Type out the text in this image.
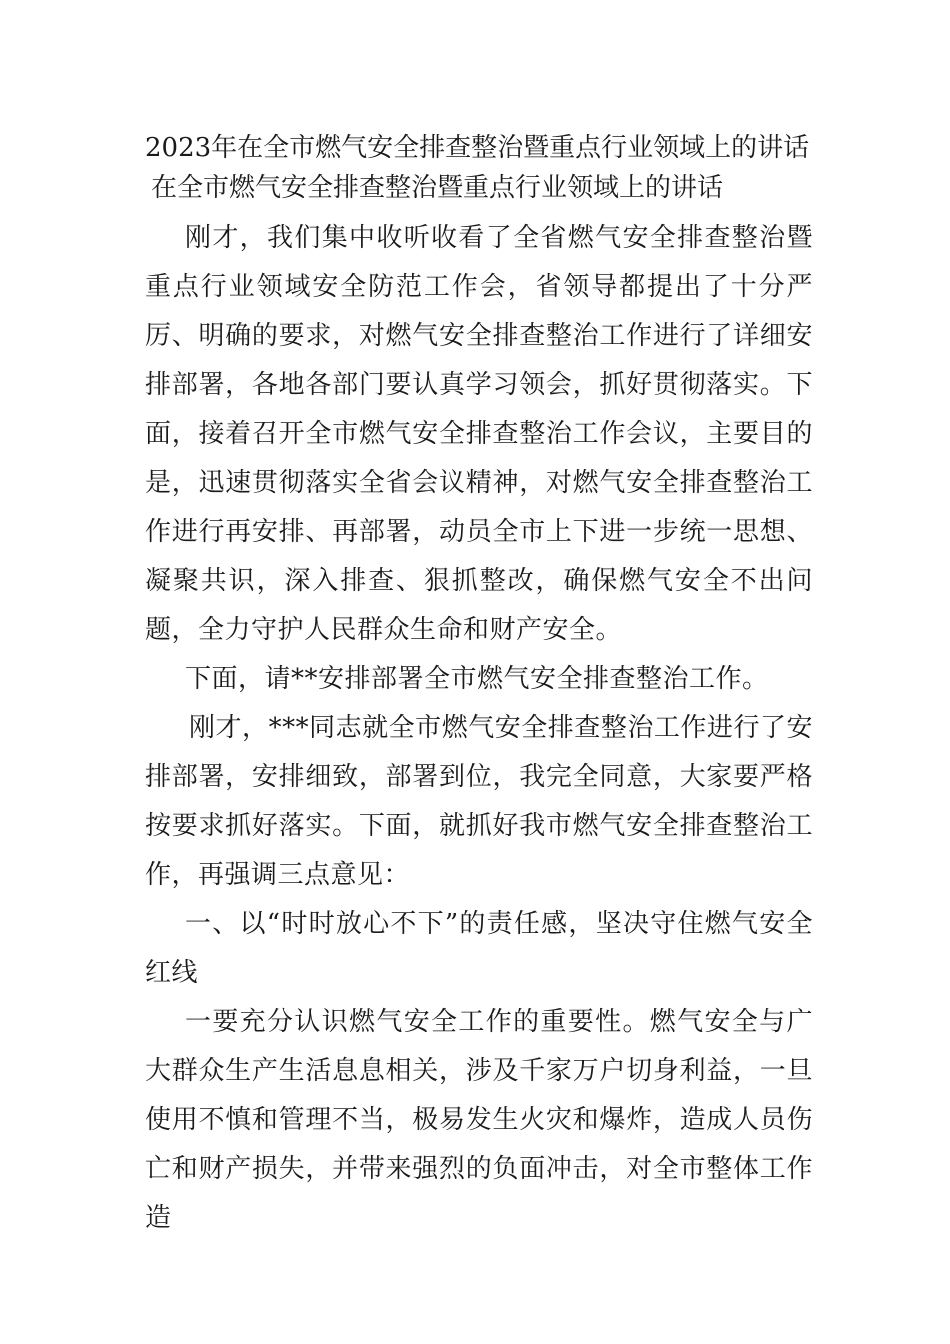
2023年在全市燃气安全排查整治暨重点行业领域上的讲话
在全市燃气安全排查整治暨重点行业领域上的讲话

刚才，我们集中收听收看了全省燃气安全排查整治暨重点行业领域安全防范工作会，省领导都提出了十分严厉、明确的要求，对燃气安全排查整治工作进行了详细安排部署，各地各部门要认真学习领会，抓好贯彻落实。下面，接着召开全市燃气安全排查整治工作会议，主要目的是，迅速贯彻落实全省会议精神，对燃气安全排查整治工作进行再安排、再部署，动员全市上下进一步统一思想、凝聚共识，深入排查、狠抓整改，确保燃气安全不出问题，全力守护人民群众生命和财产安全。

下面，请**安排部署全市燃气安全排查整治工作。

刚才，***同志就全市燃气安全排查整治工作进行了安排部署，安排细致，部署到位，我完全同意，大家要严格按要求抓好落实。下面，就抓好我市燃气安全排查整治工作，再强调三点意见：

一、以“时时放心不下”的责任感，坚决守住燃气安全红线

一要充分认识燃气安全工作的重要性。燃气安全与广大群众生产生活息息相关，涉及千家万户切身利益，一旦使用不慎和管理不当，极易发生火灾和爆炸，造成人员伤亡和财产损失，并带来强烈的负面冲击，对全市整体工作造
